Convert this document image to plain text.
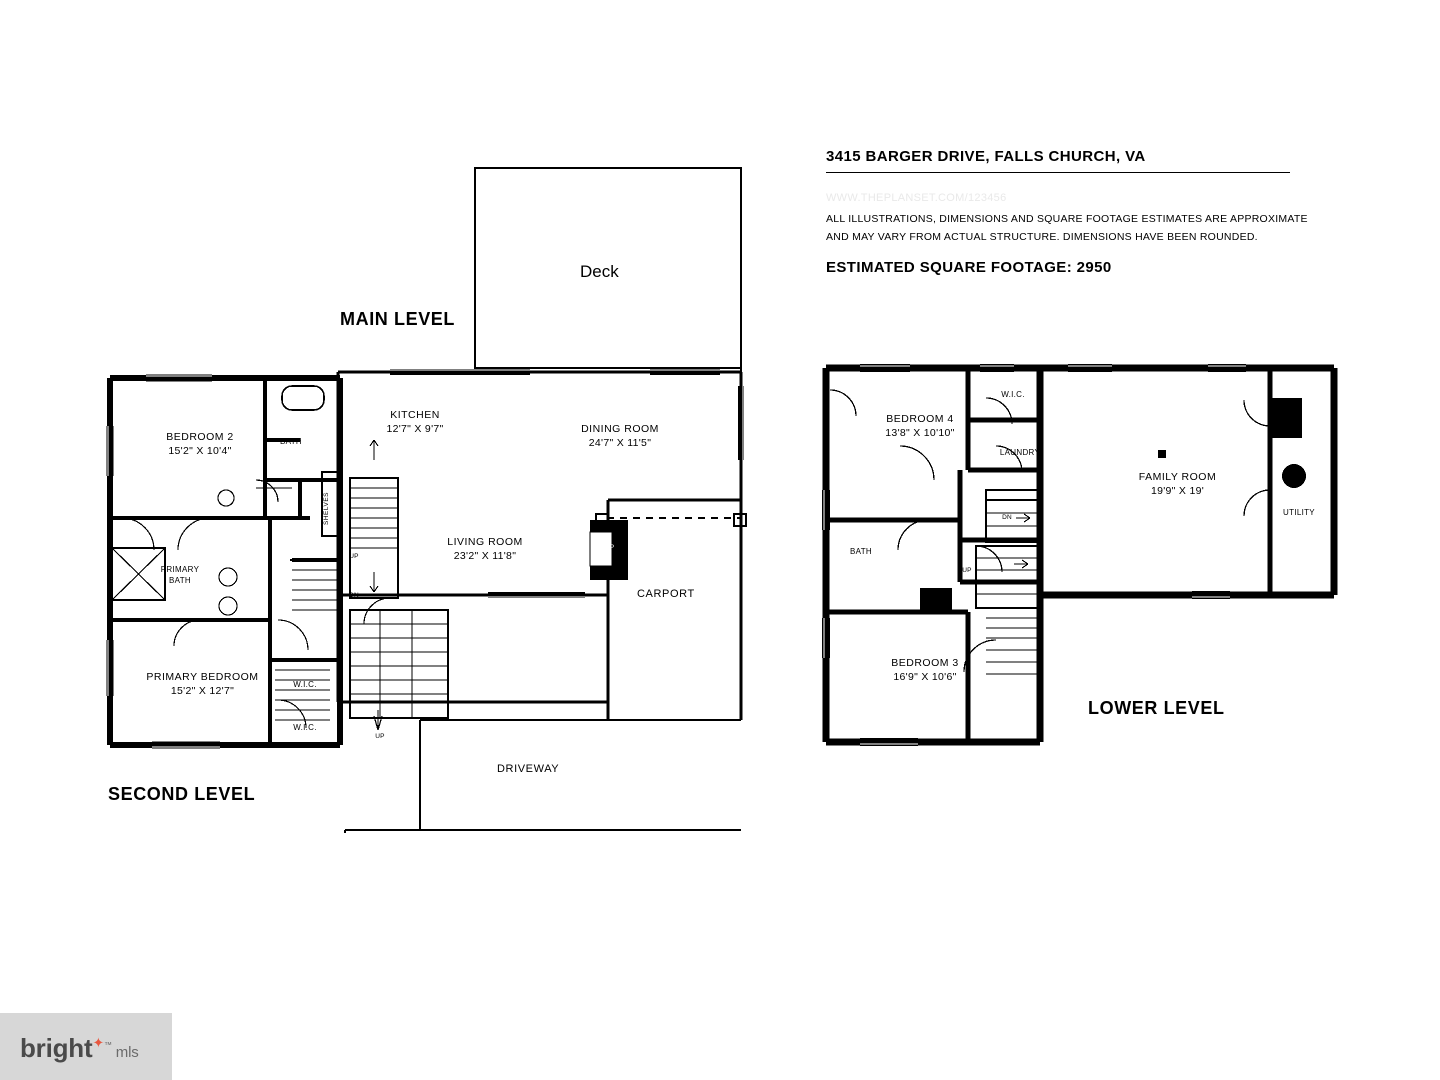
3415 BARGER DRIVE, FALLS CHURCH, VA
WWW.THEPLANSET.COM/123456
ALL ILLUSTRATIONS, DIMENSIONS AND SQUARE FOOTAGE ESTIMATES ARE APPROXIMATE AND MAY VARY FROM ACTUAL STRUCTURE. DIMENSIONS HAVE BEEN ROUNDED.
ESTIMATED SQUARE FOOTAGE: 2950
MAIN LEVEL
SECOND LEVEL
LOWER LEVEL
Deck
KITCHEN
12'7" X 9'7"	DINING ROOM
24'7" X 11'5"
LIVING ROOM
23'2" X 11'8"
FP
CARPORT
DRIVEWAY
UP
BEDROOM 2
15'2" X 10'4"
PRIMARY BEDROOM
15'2" X 12'7"
PRIMARY
BATH
BATH
SHELVES
W.I.C.
W.I.C.
UP
DN
BEDROOM 4
13'8" X 10'10"
BEDROOM 3
16'9" X 10'6"
FAMILY ROOM
19'9" X 19'
BATH
LAUNDRY
W.I.C.
UTILITY
DN
UP
bright✦™ mls
